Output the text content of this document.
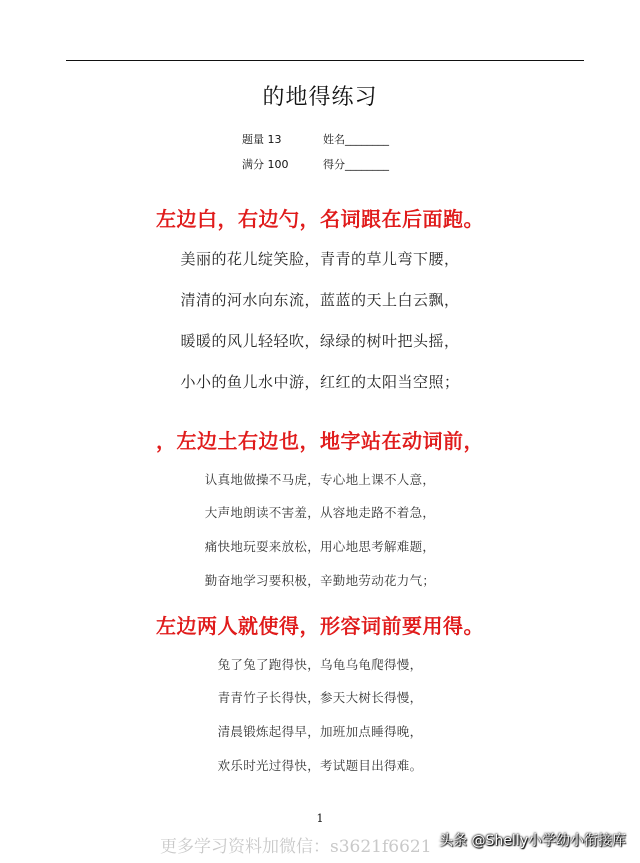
的地得练习
题量 13	姓名________
满分 100	得分________
左边白，右边勺，名词跟在后面跑。
美丽的花儿绽笑脸，青青的草儿弯下腰，
清清的河水向东流，蓝蓝的天上白云飘，
暖暖的风儿轻轻吹，绿绿的树叶把头摇，
小小的鱼儿水中游，红红的太阳当空照；
，左边土右边也，地字站在动词前，
认真地做操不马虎，专心地上课不人意，
大声地朗读不害羞，从容地走路不着急，
痛快地玩耍来放松，用心地思考解难题，
勤奋地学习要积极，辛勤地劳动花力气；
左边两人就使得，形容词前要用得。
兔了兔了跑得快，乌龟乌龟爬得慢，
青青竹子长得快，参天大树长得慢，
清晨锻炼起得早，加班加点睡得晚，
欢乐时光过得快，考试题目出得难。
1
更多学习资料加微信：s3621f6621 头条 @Shelly小学幼小衔接库
